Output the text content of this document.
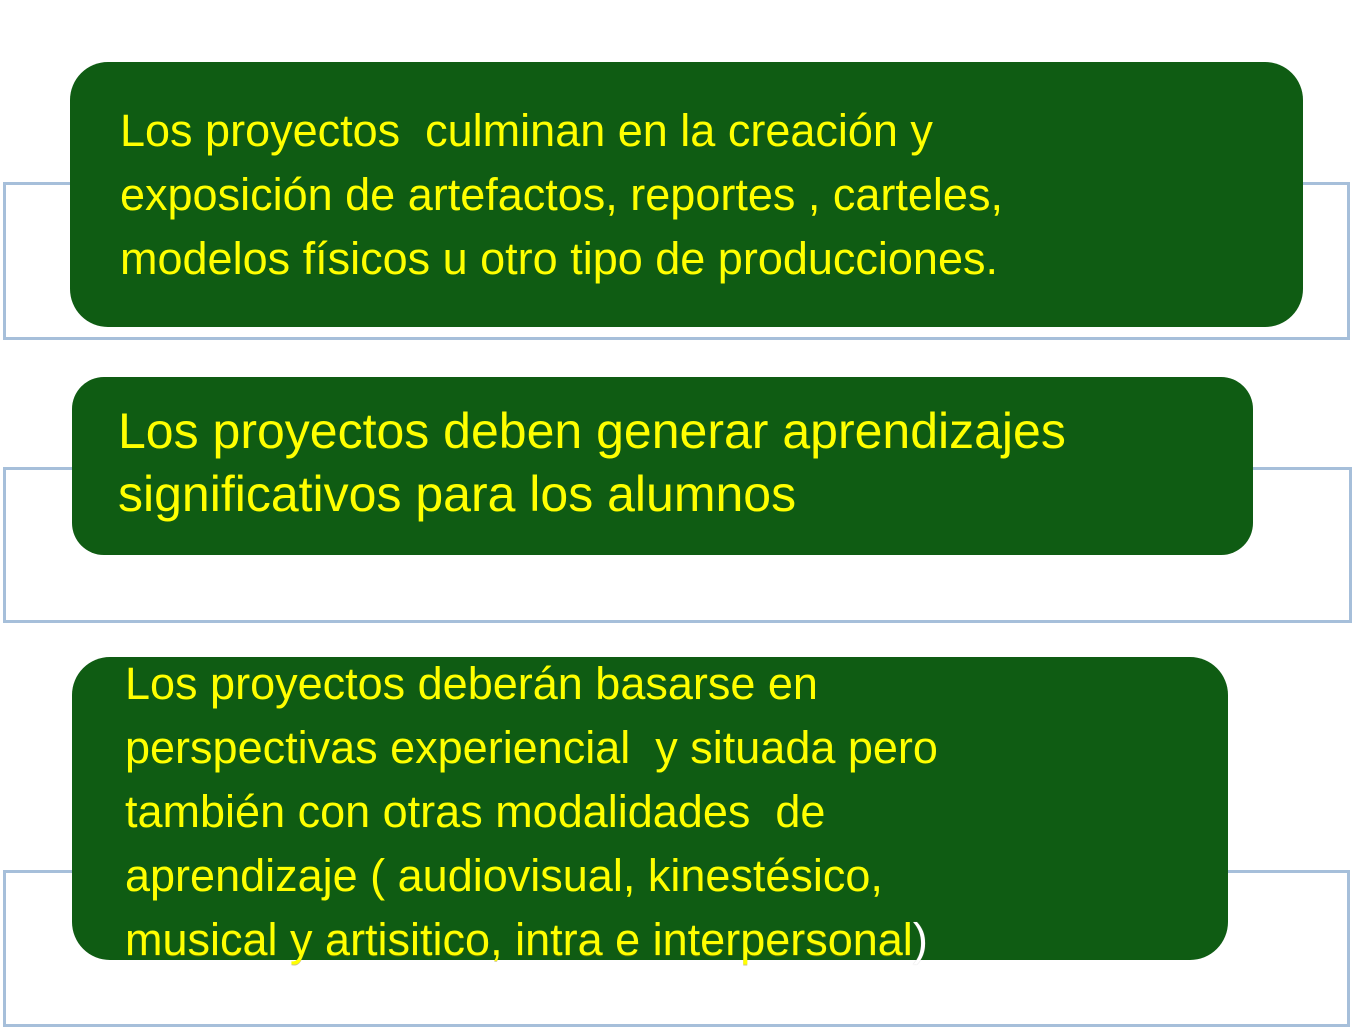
Los proyectos  culminan en la creación y
exposición de artefactos, reportes , carteles,
modelos físicos u otro tipo de producciones.
Los proyectos deben generar aprendizajes
significativos para los alumnos
Los proyectos deberán basarse en
perspectivas experiencial  y situada pero
también con otras modalidades  de
aprendizaje ( audiovisual, kinestésico,
musical y artisitico, intra e interpersonal)
